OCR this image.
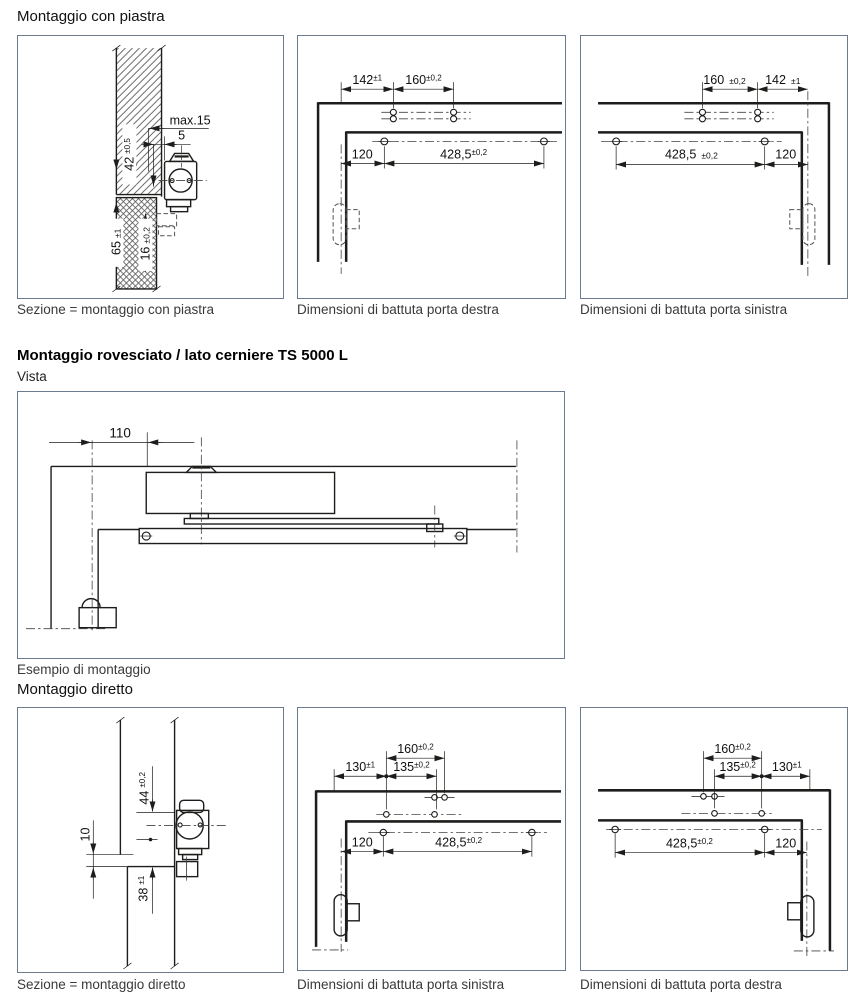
Montaggio con piastra
max.15
5
$42^{\pm 0,5}$
65±1
16±0,2
$142^{\pm 1}$ $160^{\pm 0,2}$
120	$428,5^{\pm 0,2}$
160 ±0,2 142 ±1
428,5 ±0,2	120
Sezione = montaggio con piastra	Dimensioni di battuta porta destra	Dimensioni di battuta porta sinistra
Montaggio rovesciato / lato cerniere TS 5000 L
Vista
110
Esempio di montaggio
Montaggio diretto
$44^{\pm 0,2}$
10
$38^{\pm 1}$
$160^{\pm 0,2}$
$130^{\pm 1}$ $135^{\pm 0,2}$
120	$428,5^{\pm 0,2}$
$160^{\pm 0,2}$
$135^{\pm 0,2}$ $130^{\pm 1}$
$428,5^{\pm 0,2}$	120
Sezione = montaggio diretto	Dimensioni di battuta porta sinistra	Dimensioni di battuta porta destra
